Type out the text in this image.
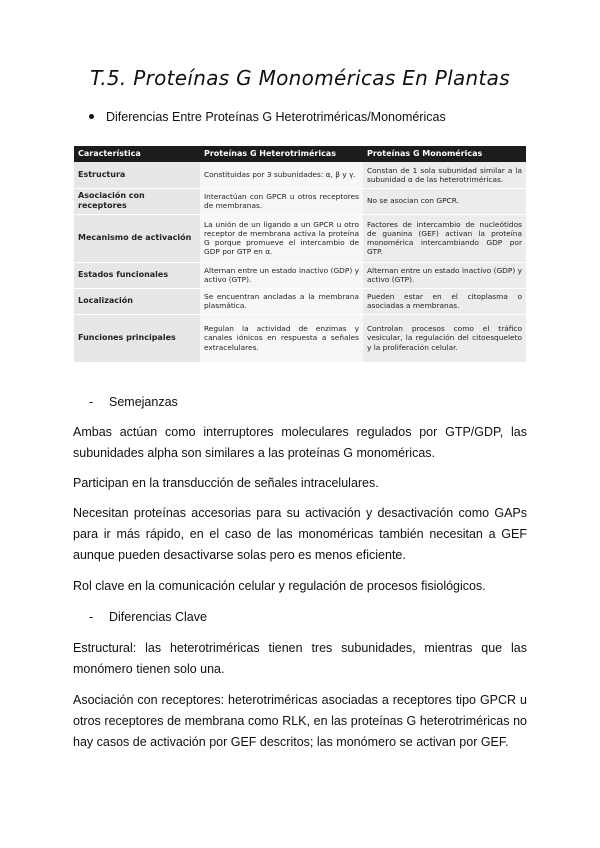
T.5. Proteínas G Monoméricas En Plantas
Diferencias Entre Proteínas G Heterotriméricas/Monoméricas
Característica	Proteínas G Heterotriméricas	Proteínas G Monoméricas
Estructura	Constituidas por 3 subunidades: α, β y γ.	Constan de 1 sola subunidad similar a la subunidad α de las heterotriméricas.
Asociación con receptores	Interactúan con GPCR u otros receptores de membranas.	No se asocian con GPCR.
Mecanismo de activación	La unión de un ligando a un GPCR u otro receptor de membrana activa la proteína G porque promueve el intercambio de GDP por GTP en α.	Factores de intercambio de nucleótidos de guanina (GEF) activan la proteína monomérica intercambiando GDP por GTP.
Estados funcionales	Alternan entre un estado inactivo (GDP) y activo (GTP).	Alternan entre un estado inactivo (GDP) y activo (GTP).
Localización	Se encuentran ancladas a la membrana plasmática.	Pueden estar en el citoplasma o asociadas a membranas.
Funciones principales	Regulan la actividad de enzimas y canales iónicos en respuesta a señales extracelulares.	Controlan procesos como el tráfico vesicular, la regulación del citoesqueleto y la proliferación celular.
- Semejanzas
Ambas actúan como interruptores moleculares regulados por GTP/GDP, las subunidades alpha son similares a las proteínas G monoméricas.
Participan en la transducción de señales intracelulares.
Necesitan proteínas accesorias para su activación y desactivación como GAPs para ir más rápido, en el caso de las monoméricas también necesitan a GEF aunque pueden desactivarse solas pero es menos eficiente.
Rol clave en la comunicación celular y regulación de procesos fisiológicos.
- Diferencias Clave
Estructural: las heterotriméricas tienen tres subunidades, mientras que las monómero tienen solo una.
Asociación con receptores: heterotriméricas asociadas a receptores tipo GPCR u otros receptores de membrana como RLK, en las proteínas G heterotriméricas no hay casos de activación por GEF descritos; las monómero se activan por GEF.
